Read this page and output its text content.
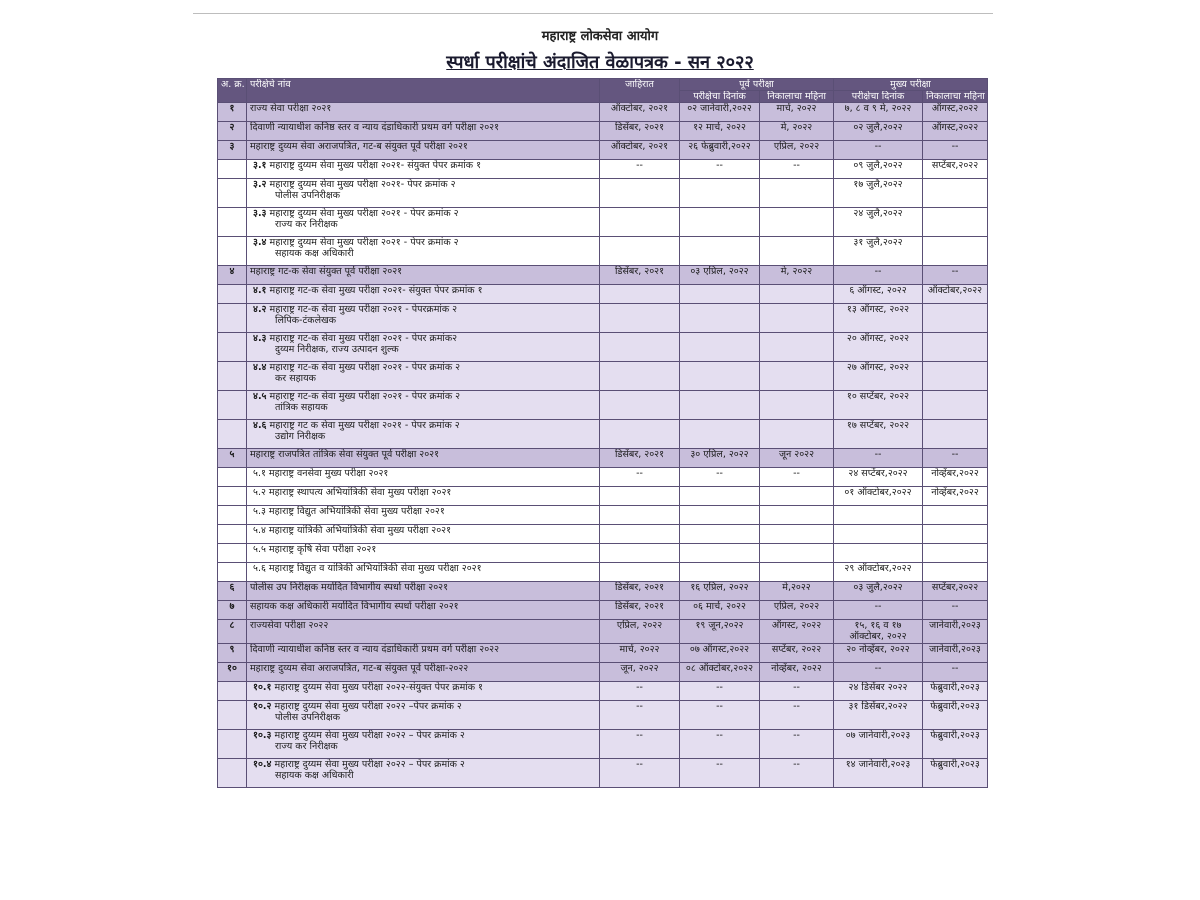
महाराष्ट्र लोकसेवा आयोग
स्पर्धा परीक्षांचे अंदाजित वेळापत्रक - सन २०२२
अ. क्र.	परीक्षेचे नांव	जाहिरात	पूर्व परीक्षा		मुख्य परीक्षा	
			परीक्षेचा दिनांक	निकालाचा महिना	परीक्षेचा दिनांक	निकालाचा महिना
१	राज्य सेवा परीक्षा २०२१	ऑक्टोबर, २०२१	०२ जानेवारी,२०२२	मार्च, २०२२	७, ८ व ९ मे, २०२२	ऑगस्ट,२०२२
२	दिवाणी न्यायाधीश कनिष्ठ स्तर व न्याय दंडाधिकारी प्रथम वर्ग परीक्षा २०२१	डिसेंबर, २०२१	१२ मार्च, २०२२	मे, २०२२	०२ जुलै,२०२२	ऑगस्ट,२०२२
३	महाराष्ट्र दुय्यम सेवा अराजपत्रित, गट-ब संयुक्त पूर्व परीक्षा २०२१	ऑक्टोबर, २०२१	२६ फेब्रुवारी,२०२२	एप्रिल, २०२२	--	--
	३.१ महाराष्ट्र दुय्यम सेवा मुख्य परीक्षा २०२१- संयुक्त पेपर क्रमांक १	--	--	--	०९ जुलै,२०२२	सप्टेंबर,२०२२
	३.२ महाराष्ट्र दुय्यम सेवा मुख्य परीक्षा २०२१- पेपर क्रमांक २
पोलीस उपनिरीक्षक				१७ जुलै,२०२२	
	३.३ महाराष्ट्र दुय्यम सेवा मुख्य परीक्षा २०२१ - पेपर क्रमांक २
राज्य कर निरीक्षक				२४ जुलै,२०२२	
	३.४ महाराष्ट्र दुय्यम सेवा मुख्य परीक्षा २०२१ - पेपर क्रमांक २
सहायक कक्ष अधिकारी				३१ जुलै,२०२२	
४	महाराष्ट्र गट-क सेवा संयुक्त पूर्व परीक्षा २०२१	डिसेंबर, २०२१	०३ एप्रिल, २०२२	मे, २०२२	--	--
	४.१ महाराष्ट्र गट-क सेवा मुख्य परीक्षा २०२१- संयुक्त पेपर क्रमांक १				६ ऑगस्ट, २०२२	ऑक्टोबर,२०२२
	४.२ महाराष्ट्र गट-क सेवा मुख्य परीक्षा २०२१ - पेपरक्रमांक २
लिपिक-टंकलेखक				१३ ऑगस्ट, २०२२	
	४.३ महाराष्ट्र गट-क सेवा मुख्य परीक्षा २०२१ - पेपर क्रमांक२
दुय्यम निरीक्षक, राज्य उत्पादन शुल्क				२० ऑगस्ट, २०२२	
	४.४ महाराष्ट्र गट-क सेवा मुख्य परीक्षा २०२१ - पेपर क्रमांक २
कर सहायक				२७ ऑगस्ट, २०२२	
	४.५ महाराष्ट्र गट-क सेवा मुख्य परीक्षा २०२१ - पेपर क्रमांक २
तांत्रिक सहायक				१० सप्टेंबर, २०२२	
	४.६ महाराष्ट्र गट क सेवा मुख्य परीक्षा २०२१ - पेपर क्रमांक २
उद्योग निरीक्षक				१७ सप्टेंबर, २०२२	
५	महाराष्ट्र राजपत्रित तांत्रिक सेवा संयुक्त पूर्व परीक्षा २०२१	डिसेंबर, २०२१	३० एप्रिल, २०२२	जून २०२२	--	--
	५.१ महाराष्ट्र वनसेवा मुख्य परीक्षा २०२१	--	--	--	२४ सप्टेंबर,२०२२	नोव्हेंबर,२०२२
	५.२ महाराष्ट्र स्थापत्य अभियांत्रिकी सेवा मुख्य परीक्षा २०२१				०१ ऑक्टोबर,२०२२	नोव्हेंबर,२०२२
	५.३ महाराष्ट्र विद्युत अभियांत्रिकी सेवा मुख्य परीक्षा २०२१					
	५.४ महाराष्ट्र यांत्रिकी अभियांत्रिकी सेवा मुख्य परीक्षा २०२१					
	५.५ महाराष्ट्र कृषि सेवा परीक्षा २०२१					
	५.६ महाराष्ट्र विद्युत व यांत्रिकी अभियांत्रिकी सेवा मुख्य परीक्षा २०२१				२९ ऑक्टोबर,२०२२	
६	पोलीस उप निरीक्षक मर्यादित विभागीय स्पर्धा परीक्षा २०२१	डिसेंबर, २०२१	१६ एप्रिल, २०२२	मे,२०२२	०३ जुलै,२०२२	सप्टेंबर,२०२२
७	सहायक कक्ष अधिकारी मर्यादित विभागीय स्पर्धा परीक्षा २०२१	डिसेंबर, २०२१	०६ मार्च, २०२२	एप्रिल, २०२२	--	--
८	राज्यसेवा परीक्षा २०२२	एप्रिल, २०२२	१९ जून,२०२२	ऑगस्ट, २०२२	१५, १६ व १७
ऑक्टोबर, २०२२	जानेवारी,२०२३
९	दिवाणी न्यायाधीश कनिष्ठ स्तर व न्याय दंडाधिकारी प्रथम वर्ग परीक्षा २०२२	मार्च, २०२२	०७ ऑगस्ट,२०२२	सप्टेंबर, २०२२	२० नोव्हेंबर, २०२२	जानेवारी,२०२३
१०	महाराष्ट्र दुय्यम सेवा अराजपत्रित, गट-ब संयुक्त पूर्व परीक्षा-२०२२	जून, २०२२	०८ ऑक्टोबर,२०२२	नोव्हेंबर, २०२२	--	--
	१०.१ महाराष्ट्र दुय्यम सेवा मुख्य परीक्षा २०२२-संयुक्त पेपर क्रमांक १	--	--	--	२४ डिसेंबर २०२२	फेब्रुवारी,२०२३
	१०.२ महाराष्ट्र दुय्यम सेवा मुख्य परीक्षा २०२२ –पेपर क्रमांक २
पोलीस उपनिरीक्षक	--	--	--	३१ डिसेंबर,२०२२	फेब्रुवारी,२०२३
	१०.३ महाराष्ट्र दुय्यम सेवा मुख्य परीक्षा २०२२ – पेपर क्रमांक २
राज्य कर निरीक्षक	--	--	--	०७ जानेवारी,२०२३	फेब्रुवारी,२०२३
	१०.४ महाराष्ट्र दुय्यम सेवा मुख्य परीक्षा २०२२ – पेपर क्रमांक २
सहायक कक्ष अधिकारी	--	--	--	१४ जानेवारी,२०२३	फेब्रुवारी,२०२३
